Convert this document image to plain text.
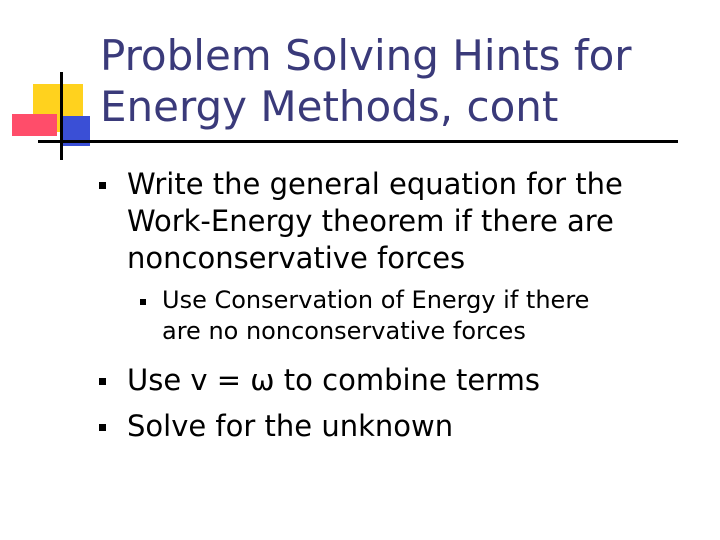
Problem Solving Hints for
Energy Methods, cont
Write the general equation for the
Work-Energy theorem if there are
nonconservative forces
Use Conservation of Energy if there
are no nonconservative forces
Use v = ω to combine terms
Solve for the unknown
